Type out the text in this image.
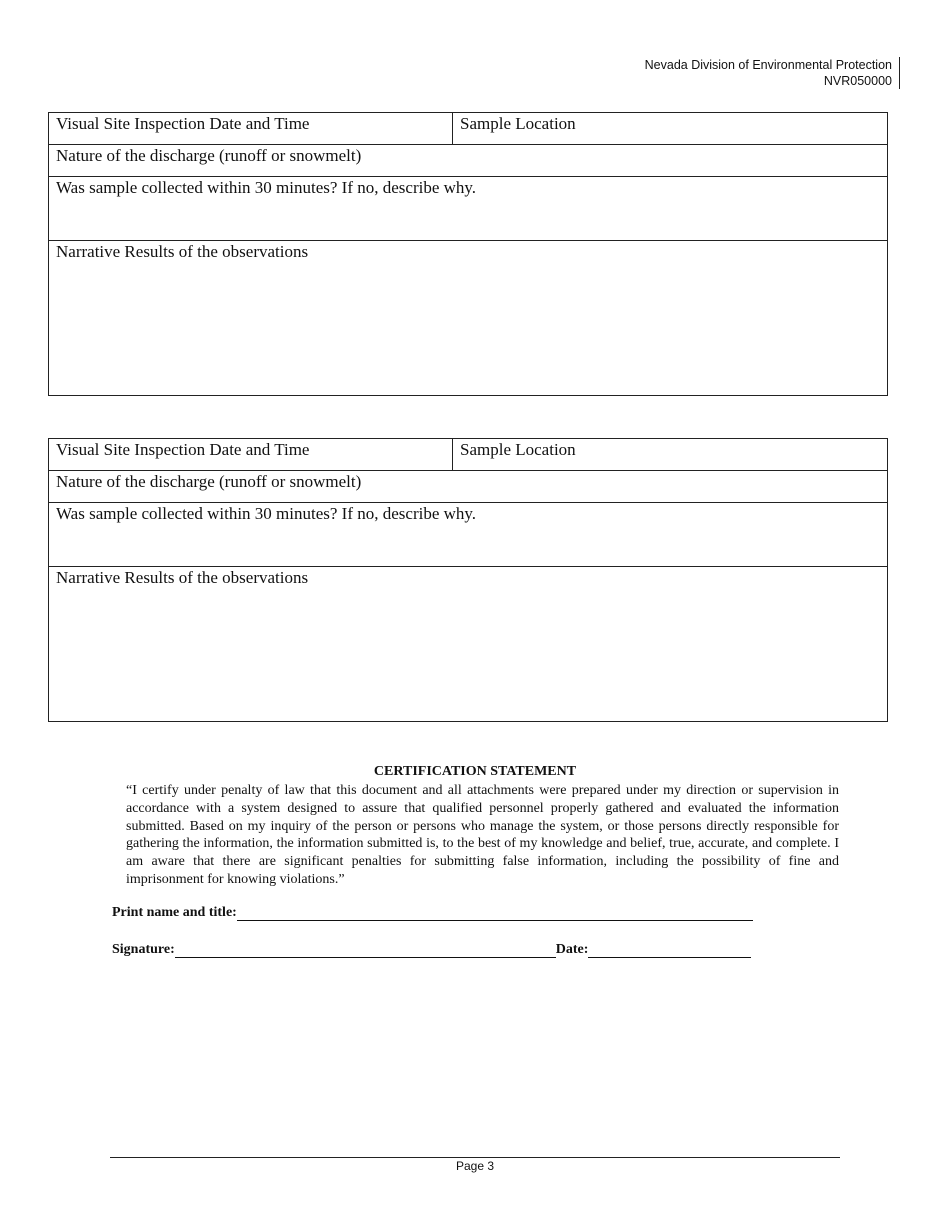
Nevada Division of Environmental Protection
NVR050000
Visual Site Inspection Date and Time	Sample Location
Nature of the discharge (runoff or snowmelt)
Was sample collected within 30 minutes? If no, describe why.
Narrative Results of the observations
Visual Site Inspection Date and Time	Sample Location
Nature of the discharge (runoff or snowmelt)
Was sample collected within 30 minutes? If no, describe why.
Narrative Results of the observations
CERTIFICATION STATEMENT
“I certify under penalty of law that this document and all attachments were prepared under my direction or supervision in accordance with a system designed to assure that qualified personnel properly gathered and evaluated the information submitted. Based on my inquiry of the person or persons who manage the system, or those persons directly responsible for gathering the information, the information submitted is, to the best of my knowledge and belief, true, accurate, and complete. I am aware that there are significant penalties for submitting false information, including the possibility of fine and imprisonment for knowing violations.”
Print name and title:
Signature:	Date:
Page 3
